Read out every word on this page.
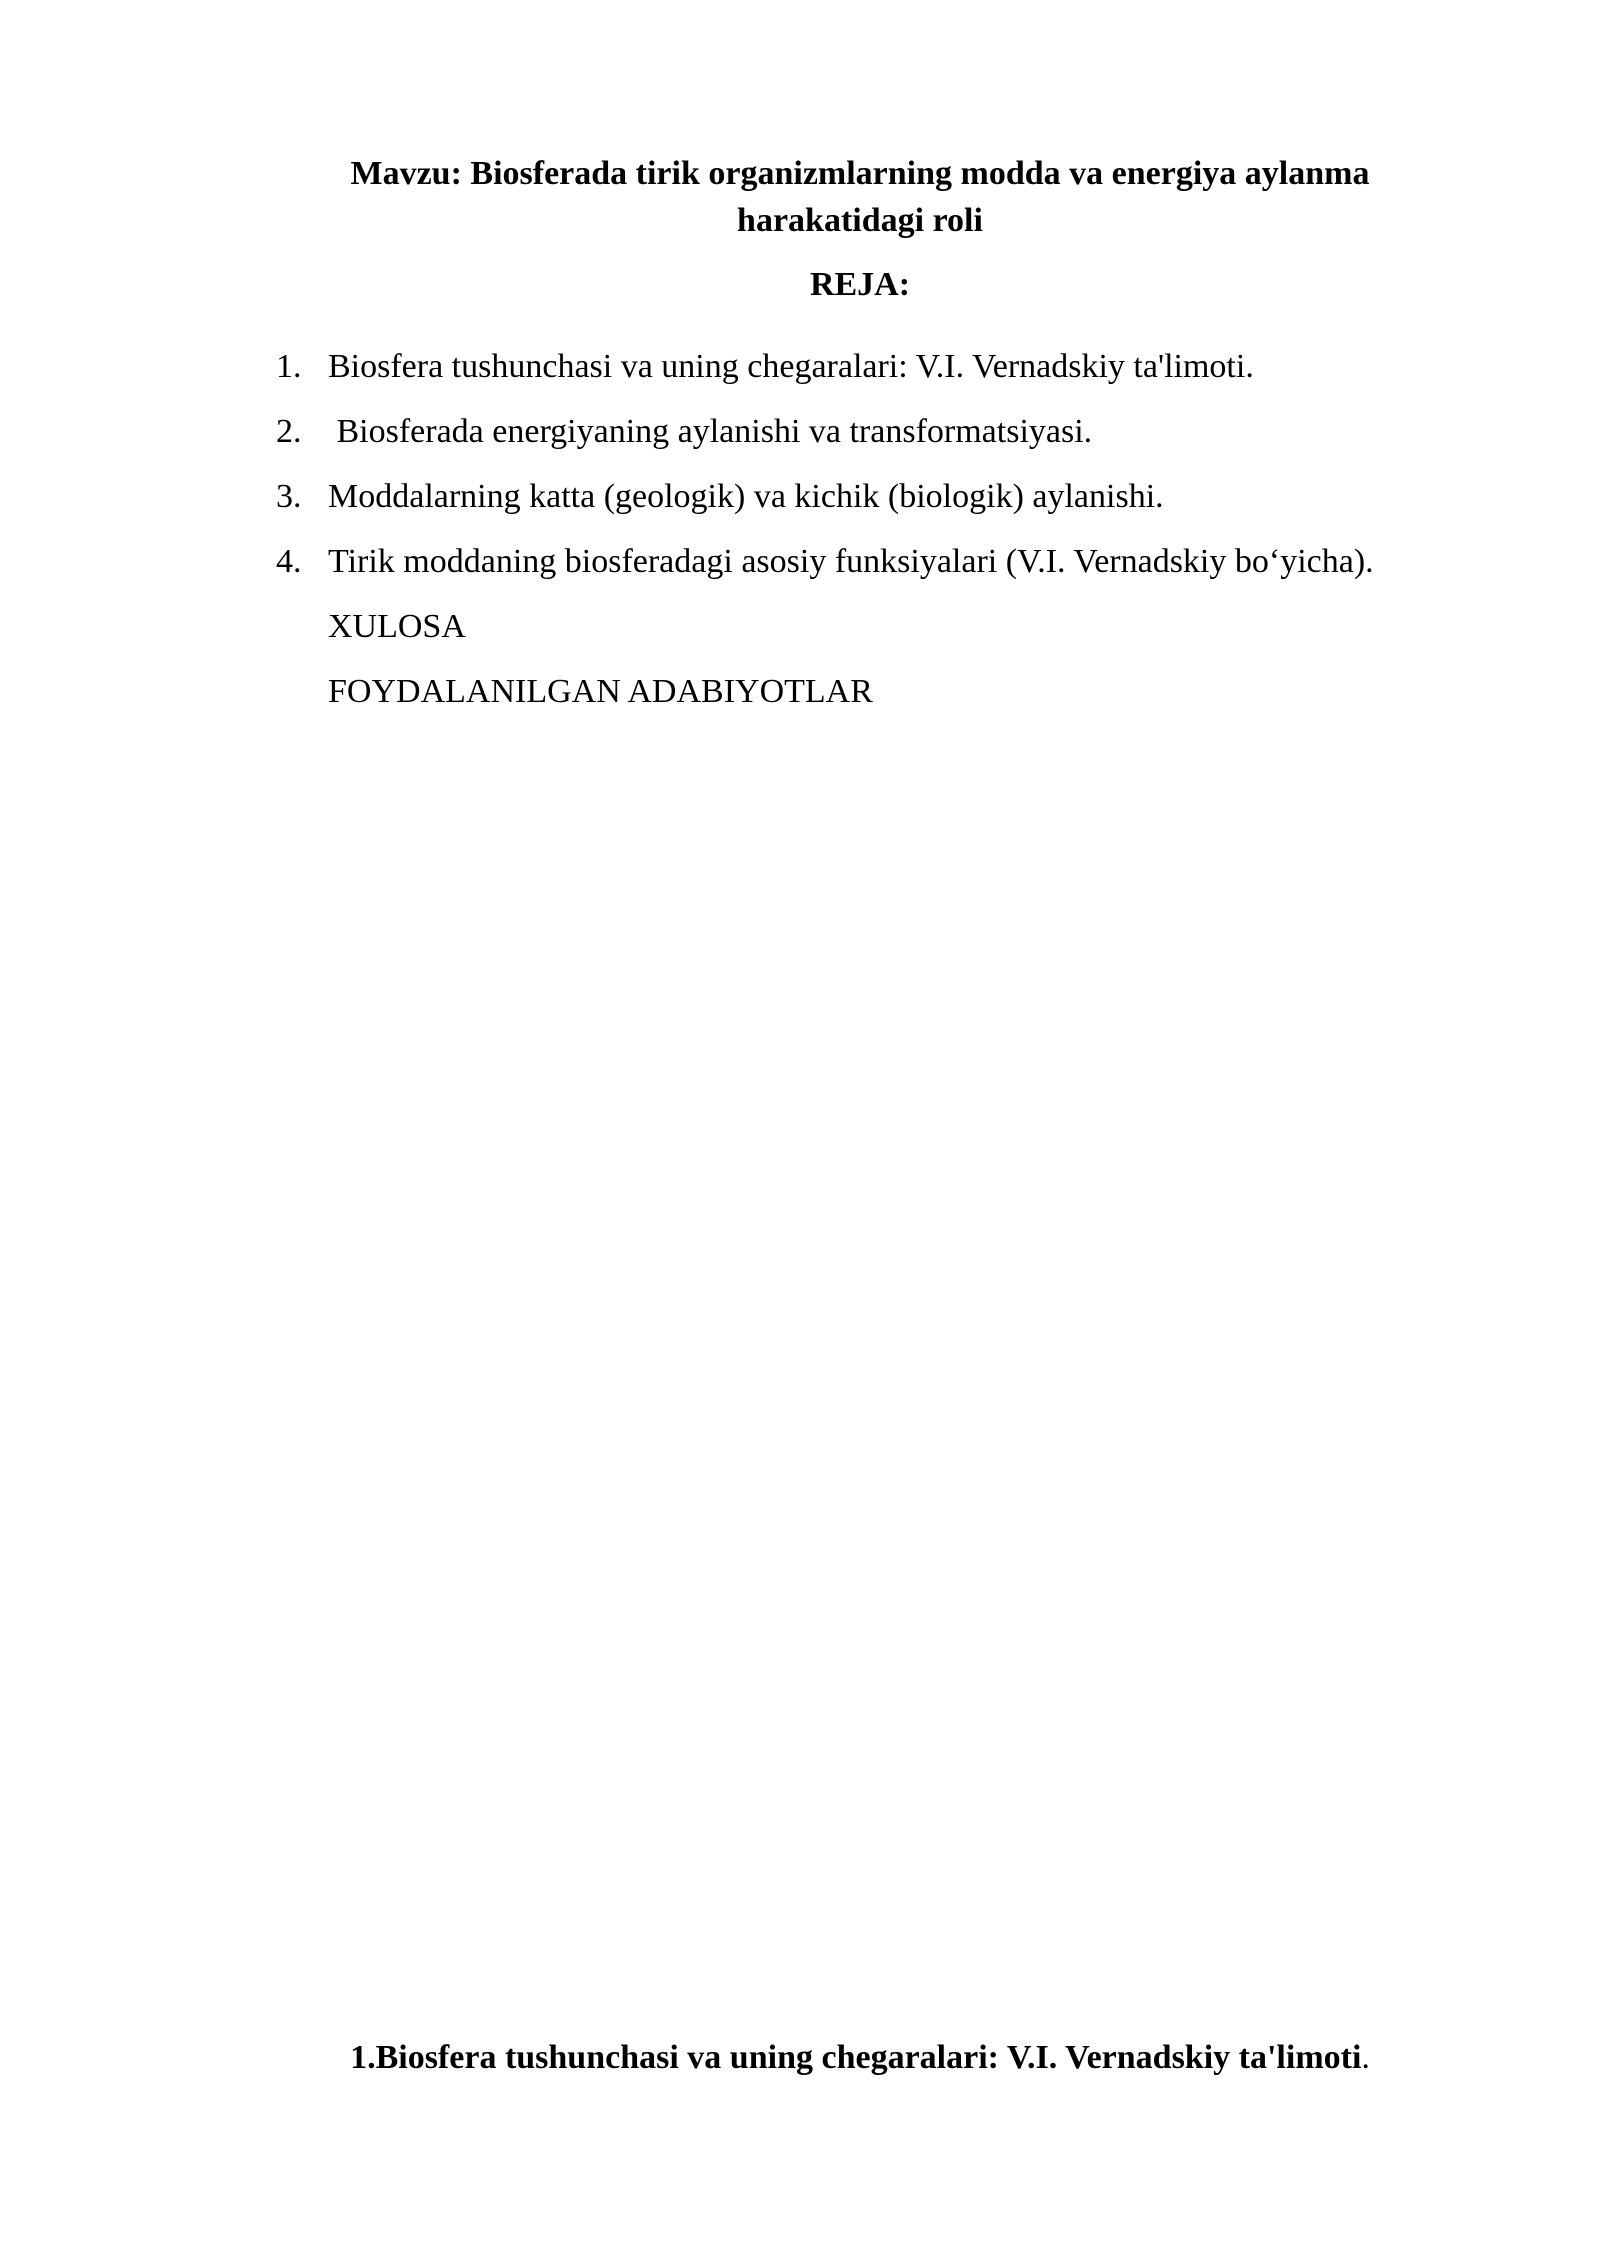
Mavzu: Biosferada tirik organizmlarning modda va energiya aylanma
harakatidagi roli
REJA:
1. Biosfera tushunchasi va uning chegaralari: V.I. Vernadskiy ta'limoti.
2. Biosferada energiyaning aylanishi va transformatsiyasi.
3. Moddalarning katta (geologik) va kichik (biologik) aylanishi.
4. Tirik moddaning biosferadagi asosiy funksiyalari (V.I. Vernadskiy bo‘yicha).
XULOSA
FOYDALANILGAN ADABIYOTLAR
1.Biosfera tushunchasi va uning chegaralari: V.I. Vernadskiy ta'limoti.
